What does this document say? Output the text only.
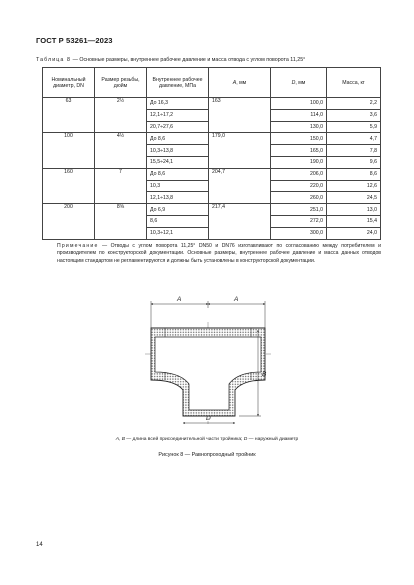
ГОСТ Р 53261—2023
Таблица 8 — Основные размеры, внутреннее рабочее давление и масса отвода с углом поворота 11,25°
Номинальный диаметр, DN	Размер резьбы, дюйм	Внутреннее рабочее давление, МПа	A, мм	D, мм	Масса, кг
63	2½	До 16,3	163	100,0	2,2
		12,1÷17,2		114,0	3,6
		20,7÷27,6		130,0	5,9
100	4½	До 8,6	179,0	150,0	4,7
		10,3÷13,8		165,0	7,8
		15,5÷24,1		190,0	9,6
160	7	До 8,6	204,7	206,0	8,6
		10,3		220,0	12,6
		12,1÷13,8		260,0	24,5
200	8⅝	До 6,9	217,4	251,0	13,0
		8,6		272,0	15,4
		10,3÷12,1		300,0	24,0
Примечание — Отводы с углом поворота 11,25° DN50 и DN76 изготавливают по согласованию между потребителем и производителем по конструкторской документации. Основные размеры, внутреннее рабочее давление и масса данных отводов настоящим стандартом не регламентируются и должны быть установлены в конструкторской документации.
A	A
B
D
A, B — длина всей присоединительной части тройника; D — наружный диаметр
Рисунок 8 — Равнопроходный тройник
14
